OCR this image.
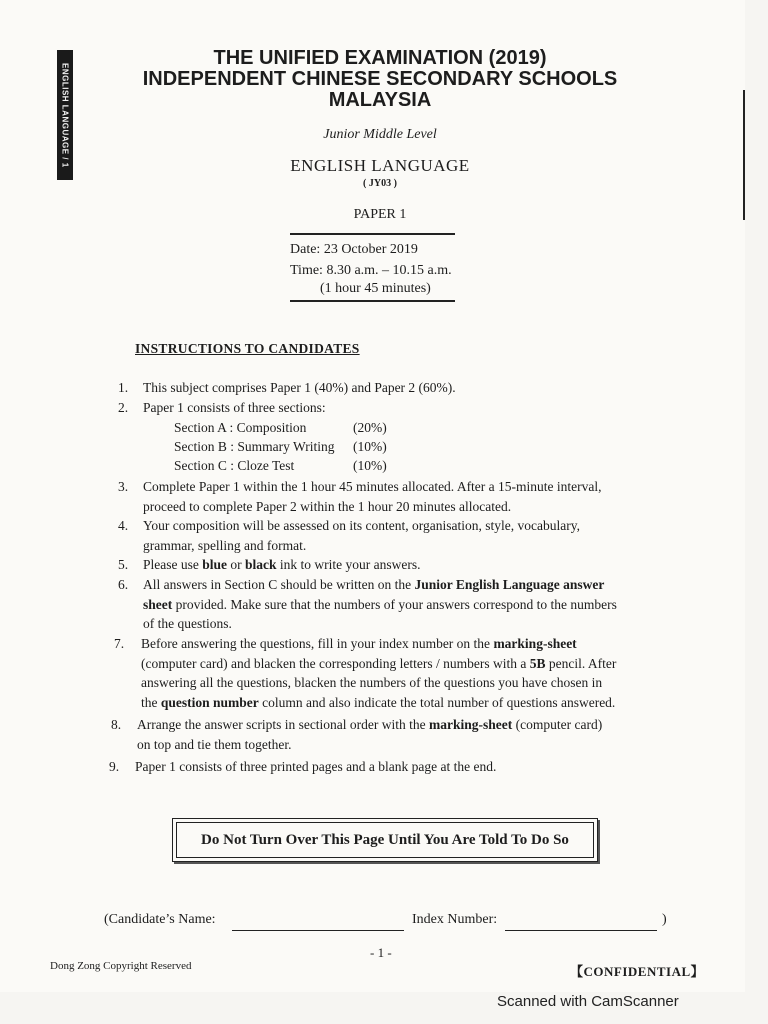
ENGLISH LANGUAGE / 1
THE UNIFIED EXAMINATION (2019)
INDEPENDENT CHINESE SECONDARY SCHOOLS
MALAYSIA
Junior Middle Level
ENGLISH LANGUAGE
( JY03 )
PAPER 1
Date: 23 October 2019
Time: 8.30 a.m. – 10.15 a.m.
(1 hour 45 minutes)
INSTRUCTIONS TO CANDIDATES
1. This subject comprises Paper 1 (40%) and Paper 2 (60%).
2. Paper 1 consists of three sections:
Section A : Composition	(20%)
Section B : Summary Writing (10%)
Section C : Cloze Test	(10%)
3. Complete Paper 1 within the 1 hour 45 minutes allocated. After a 15-minute interval,
proceed to complete Paper 2 within the 1 hour 20 minutes allocated.
4. Your composition will be assessed on its content, organisation, style, vocabulary,
grammar, spelling and format.
5. Please use blue or black ink to write your answers.
6. All answers in Section C should be written on the Junior English Language answer
sheet provided. Make sure that the numbers of your answers correspond to the numbers
of the questions.
7. Before answering the questions, fill in your index number on the marking-sheet
(computer card) and blacken the corresponding letters / numbers with a 5B pencil. After
answering all the questions, blacken the numbers of the questions you have chosen in
the question number column and also indicate the total number of questions answered.
8. Arrange the answer scripts in sectional order with the marking-sheet (computer card)
on top and tie them together.
9. Paper 1 consists of three printed pages and a blank page at the end.
Do Not Turn Over This Page Until You Are Told To Do So
(Candidate’s Name:	Index Number:	)
- 1 -
Dong Zong Copyright Reserved	【CONFIDENTIAL】
Scanned with CamScanner
